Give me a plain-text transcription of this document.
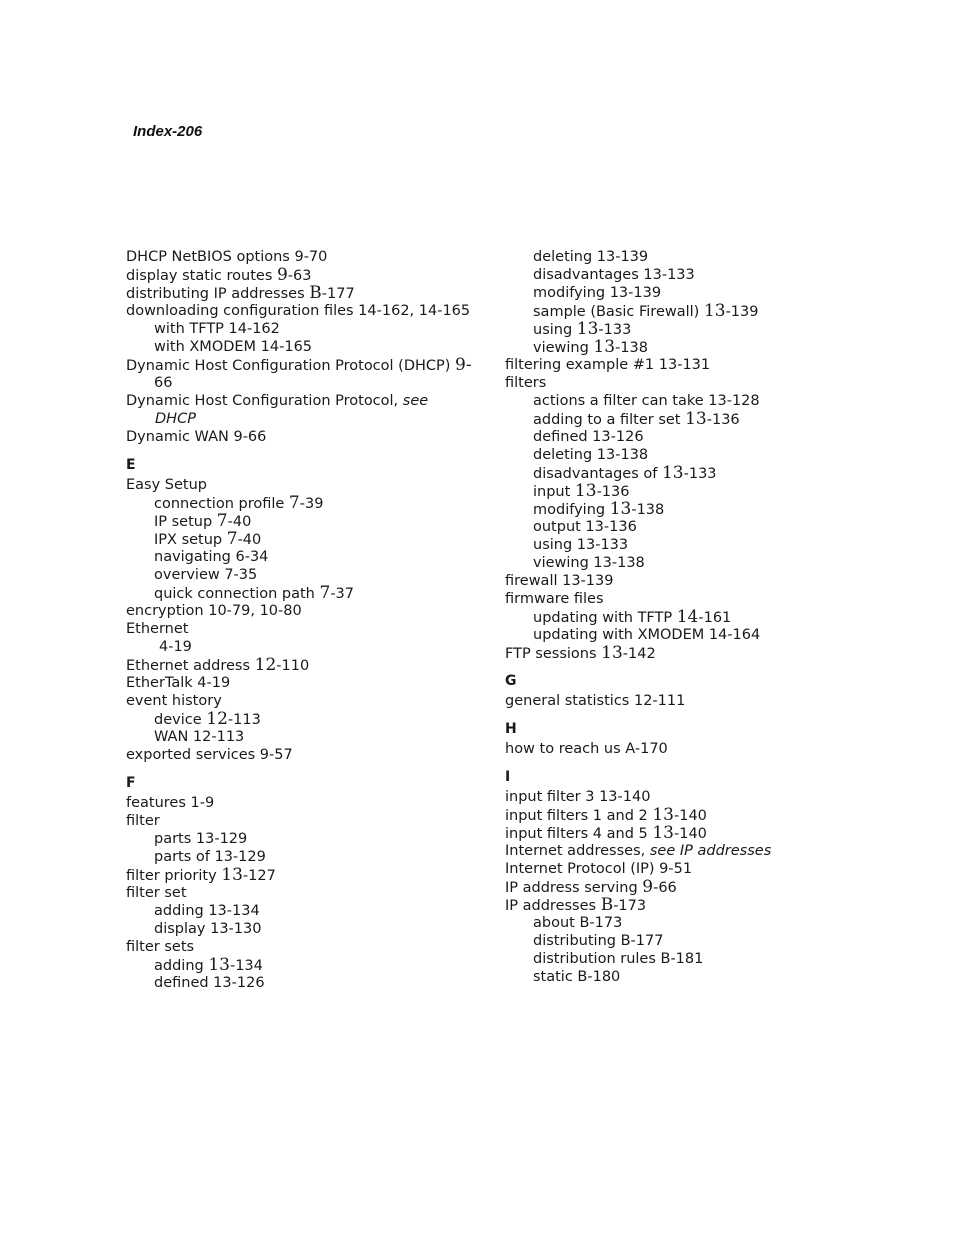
Index-206
DHCP NetBIOS options 9-70
display static routes 9-63
distributing IP addresses B-177
downloading configuration files 14-162, 14-165
with TFTP 14-162
with XMODEM 14-165
Dynamic Host Configuration Protocol (DHCP) 9-
66
Dynamic Host Configuration Protocol, see
DHCP
Dynamic WAN 9-66
E
Easy Setup
connection profile 7-39
IP setup 7-40
IPX setup 7-40
navigating 6-34
overview 7-35
quick connection path 7-37
encryption 10-79, 10-80
Ethernet
4-19
Ethernet address 12-110
EtherTalk 4-19
event history
device 12-113
WAN 12-113
exported services 9-57
F
features 1-9
filter
parts 13-129
parts of 13-129
filter priority 13-127
filter set
adding 13-134
display 13-130
filter sets
adding 13-134
defined 13-126
deleting 13-139
disadvantages 13-133
modifying 13-139
sample (Basic Firewall) 13-139
using 13-133
viewing 13-138
filtering example #1 13-131
filters
actions a filter can take 13-128
adding to a filter set 13-136
defined 13-126
deleting 13-138
disadvantages of 13-133
input 13-136
modifying 13-138
output 13-136
using 13-133
viewing 13-138
firewall 13-139
firmware files
updating with TFTP 14-161
updating with XMODEM 14-164
FTP sessions 13-142
G
general statistics 12-111
H
how to reach us A-170
I
input filter 3 13-140
input filters 1 and 2 13-140
input filters 4 and 5 13-140
Internet addresses, see IP addresses
Internet Protocol (IP) 9-51
IP address serving 9-66
IP addresses B-173
about B-173
distributing B-177
distribution rules B-181
static B-180
